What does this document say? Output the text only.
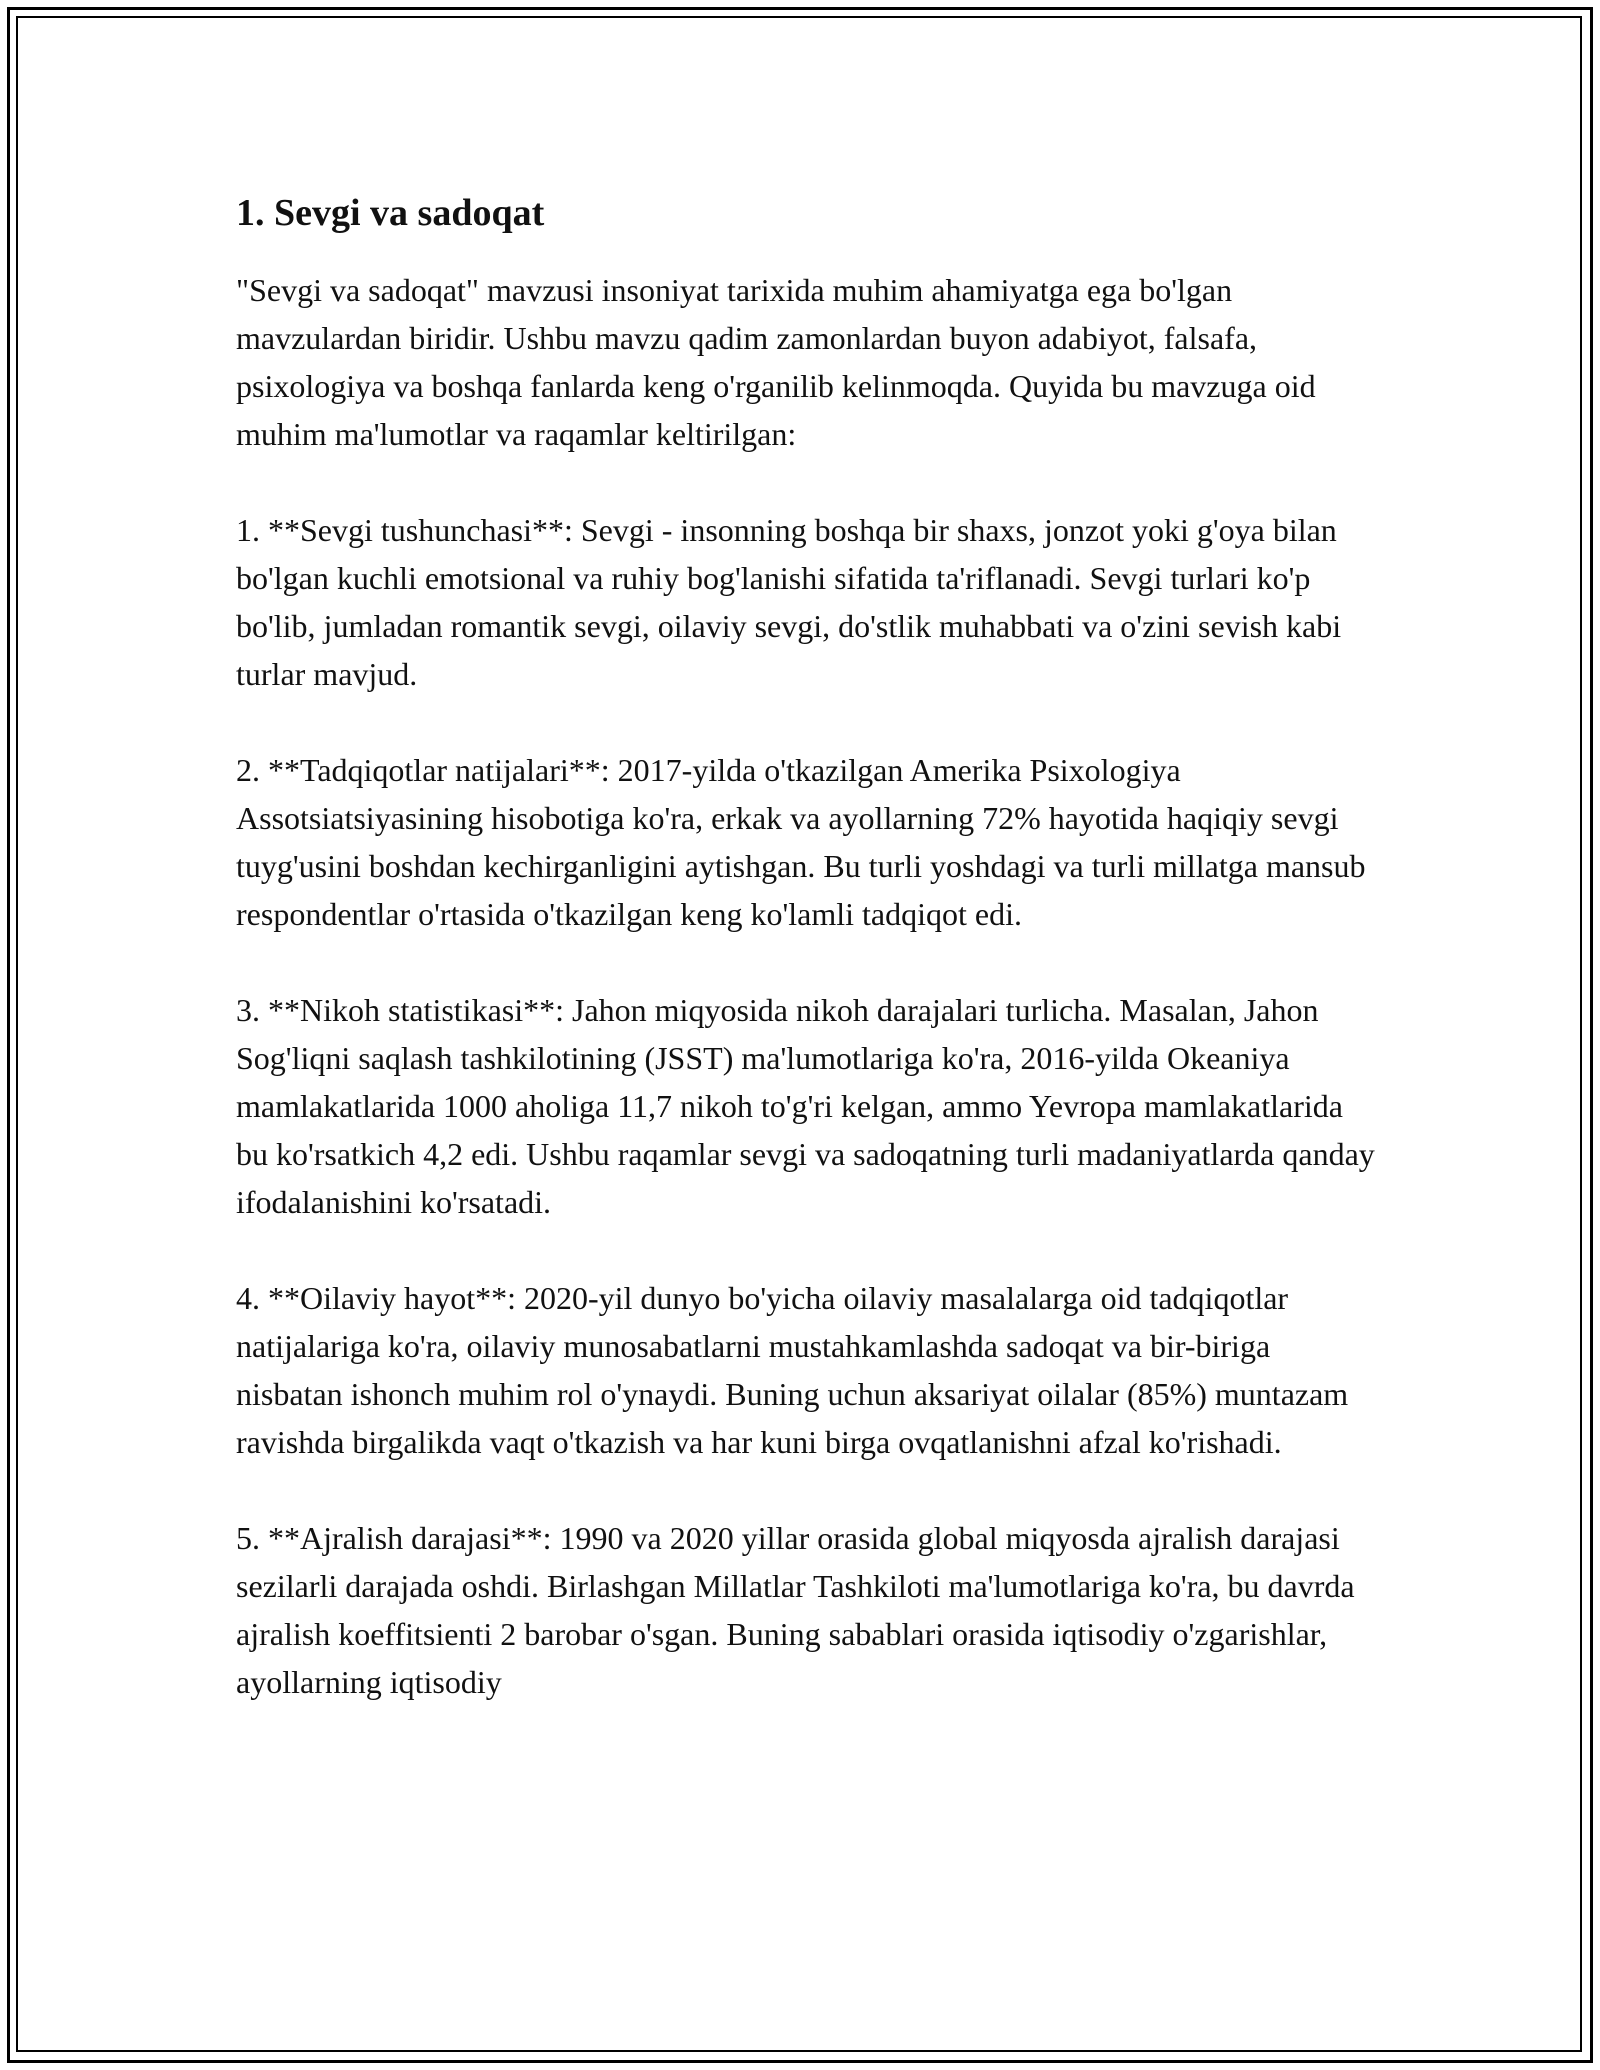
1. Sevgi va sadoqat

"Sevgi va sadoqat" mavzusi insoniyat tarixida muhim ahamiyatga ega bo'lgan mavzulardan biridir. Ushbu mavzu qadim zamonlardan buyon adabiyot, falsafa, psixologiya va boshqa fanlarda keng o'rganilib kelinmoqda. Quyida bu mavzuga oid muhim ma'lumotlar va raqamlar keltirilgan:

1. **Sevgi tushunchasi**: Sevgi - insonning boshqa bir shaxs, jonzot yoki g'oya bilan bo'lgan kuchli emotsional va ruhiy bog'lanishi sifatida ta'riflanadi. Sevgi turlari ko'p bo'lib, jumladan romantik sevgi, oilaviy sevgi, do'stlik muhabbati va o'zini sevish kabi turlar mavjud.

2. **Tadqiqotlar natijalari**: 2017-yilda o'tkazilgan Amerika Psixologiya Assotsiatsiyasining hisobotiga ko'ra, erkak va ayollarning 72% hayotida haqiqiy sevgi tuyg'usini boshdan kechirganligini aytishgan. Bu turli yoshdagi va turli millatga mansub respondentlar o'rtasida o'tkazilgan keng ko'lamli tadqiqot edi.

3. **Nikoh statistikasi**: Jahon miqyosida nikoh darajalari turlicha. Masalan, Jahon Sog'liqni saqlash tashkilotining (JSST) ma'lumotlariga ko'ra, 2016-yilda Okeaniya mamlakatlarida 1000 aholiga 11,7 nikoh to'g'ri kelgan, ammo Yevropa mamlakatlarida bu ko'rsatkich 4,2 edi. Ushbu raqamlar sevgi va sadoqatning turli madaniyatlarda qanday ifodalanishini ko'rsatadi.

4. **Oilaviy hayot**: 2020-yil dunyo bo'yicha oilaviy masalalarga oid tadqiqotlar natijalariga ko'ra, oilaviy munosabatlarni mustahkamlashda sadoqat va bir-biriga nisbatan ishonch muhim rol o'ynaydi. Buning uchun aksariyat oilalar (85%) muntazam ravishda birgalikda vaqt o'tkazish va har kuni birga ovqatlanishni afzal ko'rishadi.

5. **Ajralish darajasi**: 1990 va 2020 yillar orasida global miqyosda ajralish darajasi sezilarli darajada oshdi. Birlashgan Millatlar Tashkiloti ma'lumotlariga ko'ra, bu davrda ajralish koeffitsienti 2 barobar o'sgan. Buning sabablari orasida iqtisodiy o'zgarishlar, ayollarning iqtisodiy
